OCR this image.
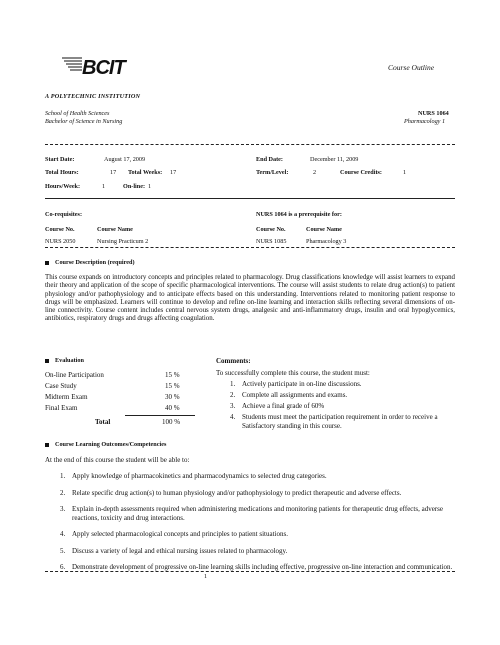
Course Outline
BCIT
A POLYTECHNIC INSTITUTION
School of Health Sciences
Bachelor of Science in Nursing
NURS 1064
Pharmacology 1
Start Date:	August 17, 2009	End Date:	December 11, 2009
Total Hours:	17 Total Weeks: 17	Term/Level:	2	Course Credits:	1
Hours/Week:	1	On-line: 1
Co-requisites:	NURS 1064 is a prerequisite for:
Course No.	Course Name	Course No.	Course Name
NURS 2050	Nursing Practicum 2	NURS 1085	Pharmacology 3
Course Description (required)
This course expands on introductory concepts and principles related to pharmacology. Drug classifications knowledge will assist learners to expand their theory and application of the scope of specific pharmacological interventions. The course will assist students to relate drug action(s) to patient physiology and/or pathophysiology and to anticipate effects based on this understanding. Interventions related to monitoring patient response to drugs will be emphasized. Learners will continue to develop and refine on-line learning and interaction skills reflecting several dimensions of on-line connectivity. Course content includes central nervous system drugs, analgesic and anti-inflammatory drugs, insulin and oral hypoglycemics, antibiotics, respiratory drugs and drugs affecting coagulation.
Evaluation
On-line Participation	15 %
Case Study	15 %
Midterm Exam	30 %
Final Exam	40 %
Total	100 %
Comments:
To successfully complete this course, the student must:
1. Actively participate in on-line discussions.
2. Complete all assignments and exams.
3. Achieve a final grade of 60%
4. Students must meet the participation requirement in order to receive a Satisfactory standing in this course.
Course Learning Outcomes/Competencies
At the end of this course the student will be able to:
1. Apply knowledge of pharmacokinetics and pharmacodynamics to selected drug categories.
2. Relate specific drug action(s) to human physiology and/or pathophysiology to predict therapeutic and adverse effects.
3. Explain in-depth assessments required when administering medications and monitoring patients for therapeutic drug effects, adverse reactions, toxicity and drug interactions.
4. Apply selected pharmacological concepts and principles to patient situations.
5. Discuss a variety of legal and ethical nursing issues related to pharmacology.
6. Demonstrate development of progressive on-line learning skills including effective, progressive on-line interaction and communication.
1
